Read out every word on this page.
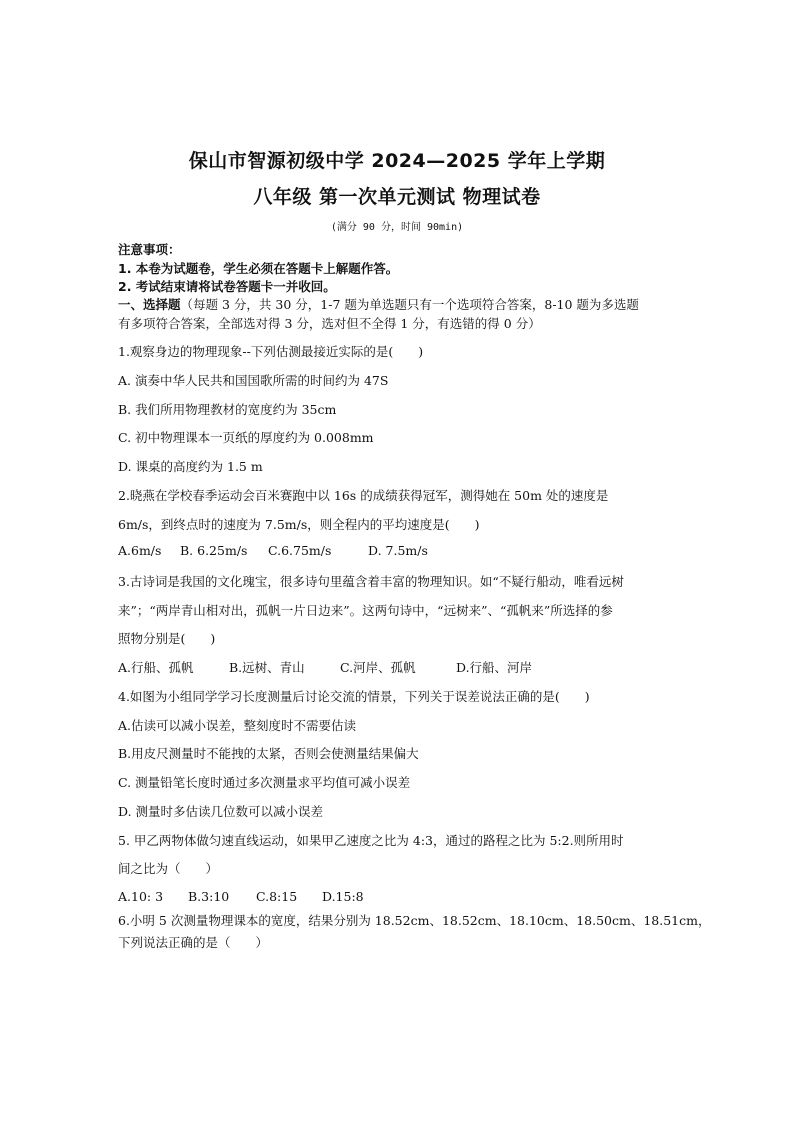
保山市智源初级中学 2024—2025 学年上学期
八年级 第一次单元测试 物理试卷
(满分 90 分，时间 90min)
注意事项：
1. 本卷为试题卷，学生必须在答题卡上解题作答。
2. 考试结束请将试卷答题卡一并收回。
一、选择题（每题 3 分，共 30 分，1-7 题为单选题只有一个选项符合答案，8-10 题为多选题
有多项符合答案，全部选对得 3 分，选对但不全得 1 分，有选错的得 0 分）
1.观察身边的物理现象--下列估测最接近实际的是(　　)
A. 演奏中华人民共和国国歌所需的时间约为 47S
B. 我们所用物理教材的宽度约为 35cm
C. 初中物理课本一页纸的厚度约为 0.008mm
D. 课桌的高度约为 1.5 m
2.晓燕在学校春季运动会百米赛跑中以 16s 的成绩获得冠军，测得她在 50m 处的速度是
6m/s，到终点时的速度为 7.5m/s，则全程内的平均速度是(　　)
A.6m/s B. 6.25m/s C.6.75m/s	D. 7.5m/s
3.古诗词是我国的文化瑰宝，很多诗句里蕴含着丰富的物理知识。如“不疑行船动，唯看远树
来”；“两岸青山相对出，孤帆一片日边来”。这两句诗中，“远树来”、“孤帆来”所选择的参
照物分别是(　　)
A.行船、孤帆	B.远树、青山	C.河岸、孤帆	D.行船、河岸
4.如图为小组同学学习长度测量后讨论交流的情景，下列关于误差说法正确的是(　　)
A.估读可以减小误差，整刻度时不需要估读
B.用皮尺测量时不能拽的太紧，否则会使测量结果偏大
C. 测量铅笔长度时通过多次测量求平均值可减小误差
D. 测量时多估读几位数可以减小误差
5. 甲乙两物体做匀速直线运动，如果甲乙速度之比为 4:3，通过的路程之比为 5:2.则所用时
间之比为（　　）
A.10: 3 B.3:10 C.8:15 D.15:8
6.小明 5 次测量物理课本的宽度，结果分别为 18.52cm、18.52cm、18.10cm、18.50cm、18.51cm，
下列说法正确的是（　　）
